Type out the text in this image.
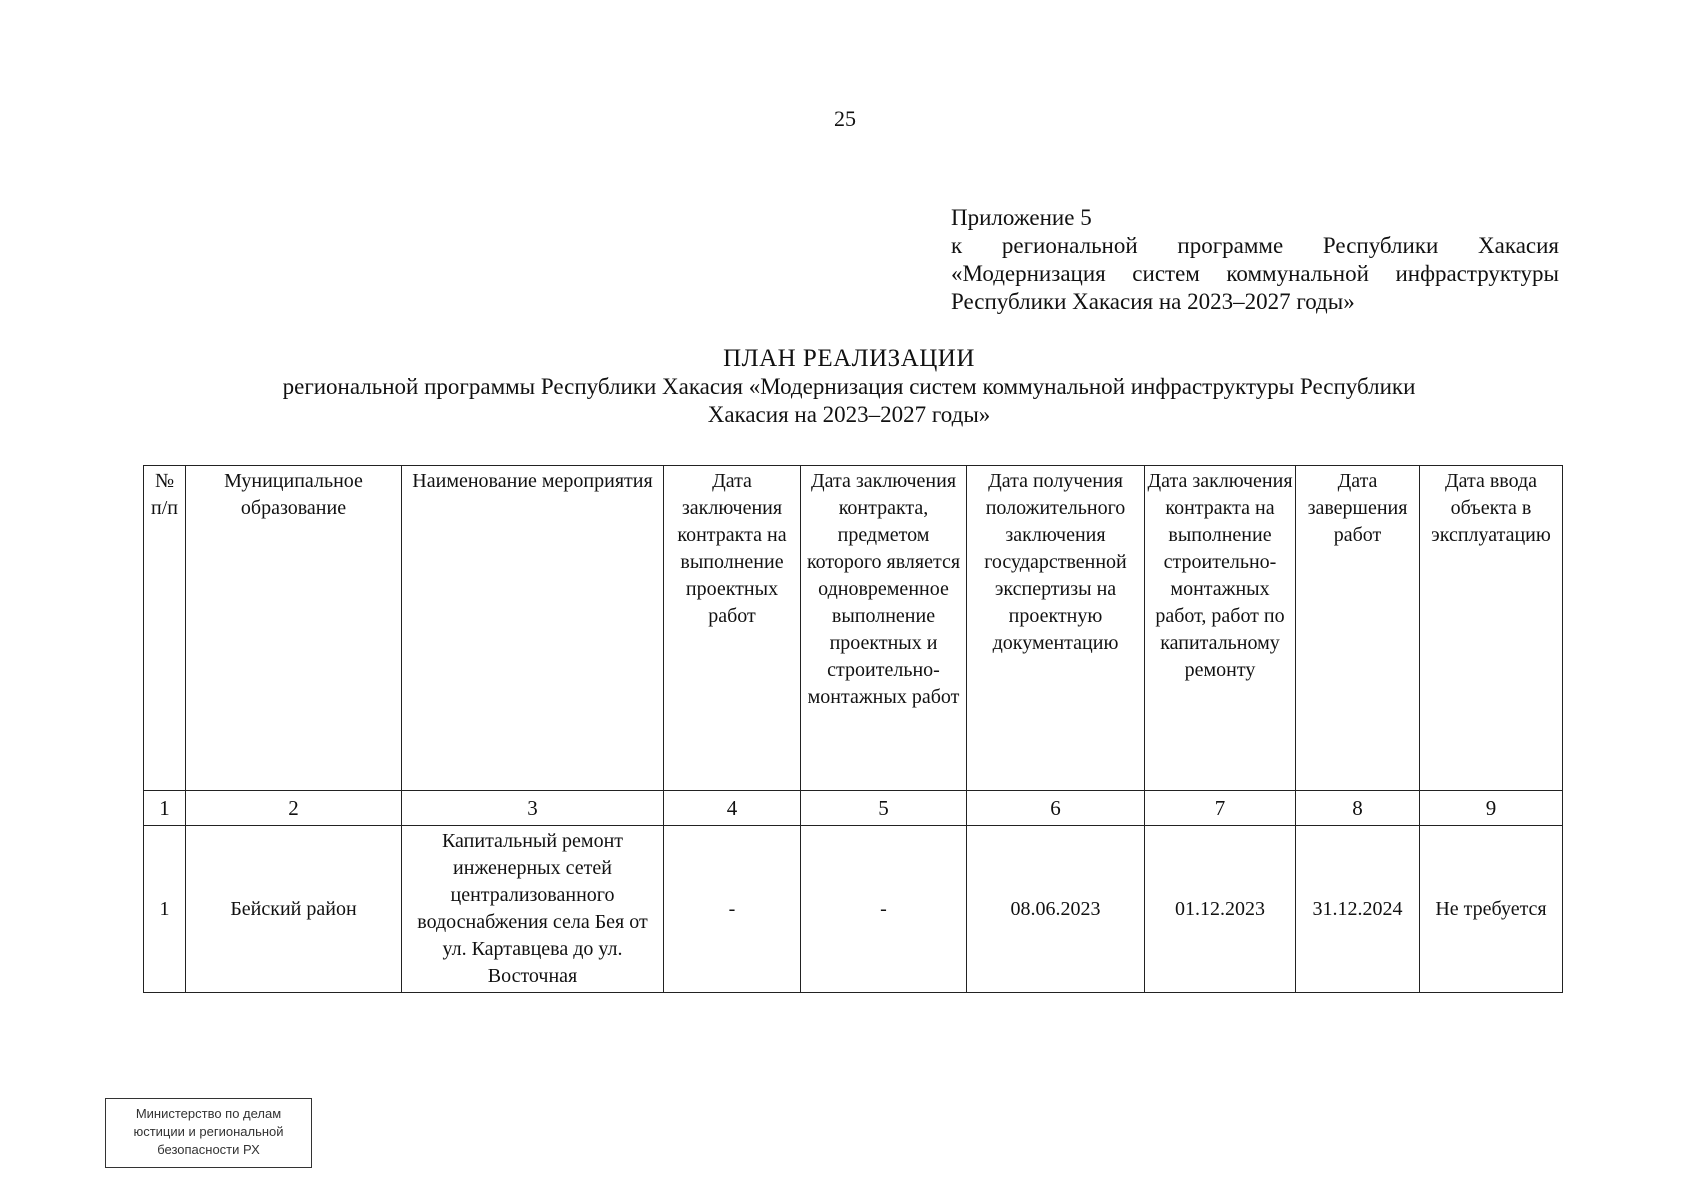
25
Приложение 5
к региональной программе Республики Хакасия «Модернизация систем коммунальной инфраструктуры Республики Хакасия на 2023–2027 годы»
ПЛАН РЕАЛИЗАЦИИ
региональной программы Республики Хакасия «Модернизация систем коммунальной инфраструктуры Республики Хакасия на 2023–2027 годы»
№ п/п	Муниципальное образование	Наименование мероприятия	Дата заключения контракта на выполнение проектных работ	Дата заключения контракта, предметом которого является одновременное выполнение проектных и строительно-монтажных работ	Дата получения положительного заключения государственной экспертизы на проектную документацию	Дата заключения контракта на выполнение строительно-монтажных работ, работ по капитальному ремонту	Дата завершения работ	Дата ввода объекта в эксплуатацию
1	2	3	4	5	6	7	8	9
1	Бейский район	Капитальный ремонт инженерных сетей централизованного водоснабжения села Бея от ул. Картавцева до ул. Восточная	-	-	08.06.2023	01.12.2023	31.12.2024	Не требуется
Министерство по делам
юстиции и региональной
безопасности РХ
